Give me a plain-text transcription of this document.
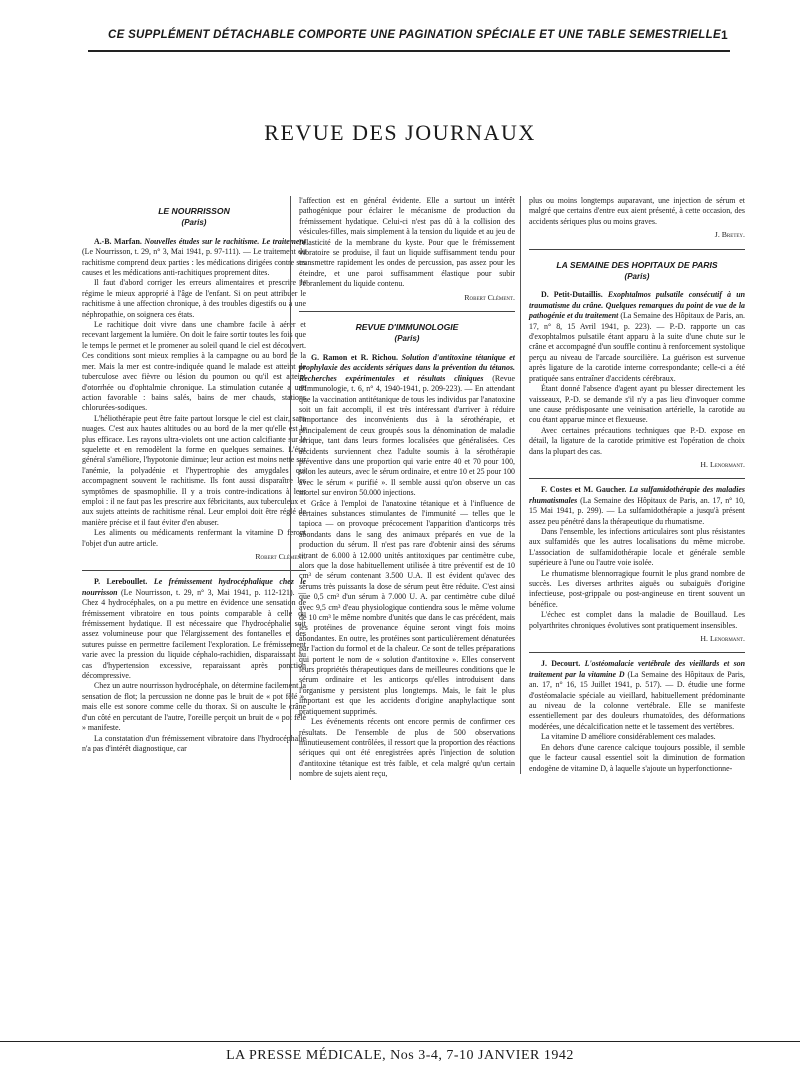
CE SUPPLÉMENT DÉTACHABLE COMPORTE UNE PAGINATION SPÉCIALE ET UNE TABLE SEMESTRIELLE 1
REVUE DES JOURNAUX
LE NOURRISSON
(Paris)

A.-B. Marfan. Nouvelles études sur le rachitisme. Le traitement (Le Nourrisson, t. 29, n° 3, Mai 1941, p. 97-111). — Le traitement du rachitisme comprend deux parties : les médications dirigées contre ses causes et les médications anti-rachitiques proprement dites.

Il faut d'abord corriger les erreurs alimentaires et prescrire le régime le mieux approprié à l'âge de l'enfant. Si on peut attribuer le rachitisme à une affection chronique, à des troubles digestifs ou à une néphropathie, on soignera ces états.

Le rachitique doit vivre dans une chambre facile à aérer et recevant largement la lumière. On doit le faire sortir toutes les fois que le temps le permet et le promener au soleil quand le ciel est découvert. Ces conditions sont mieux remplies à la campagne ou au bord de la mer. Mais la mer est contre-indiquée quand le malade est atteint de tuberculose avec fièvre ou lésion du poumon ou qu'il est atteint d'otorrhée ou d'ophtalmie chronique. La stimulation cutanée a une action favorable : bains salés, bains de mer chauds, stations chlorurées-sodiques.

L'héliothérapie peut être faite partout lorsque le ciel est clair, sans nuages. C'est aux hautes altitudes ou au bord de la mer qu'elle est le plus efficace. Les rayons ultra-violets ont une action calcifiante sur le squelette et en remodèlent la forme en quelques semaines. L'état général s'améliore, l'hypotonie diminue; leur action est moins nette sur l'anémie, la polyadénie et l'hypertrophie des amygdales qui accompagnent souvent le rachitisme. Ils font aussi disparaître les symptômes de spasmophilie. Il y a trois contre-indications à leur emploi : il ne faut pas les prescrire aux fébricitants, aux tuberculeux et aux sujets atteints de rachitisme rénal. Leur emploi doit être réglé de manière précise et il faut éviter d'en abuser.

Les aliments ou médicaments renfermant la vitamine D feront l'objet d'un autre article.

Robert Clément.

P. Lereboullet. Le frémissement hydrocéphalique chez le nourrisson (Le Nourrisson, t. 29, n° 3, Mai 1941, p. 112-121). — Chez 4 hydrocéphales, on a pu mettre en évidence une sensation de frémissement vibratoire en tous points comparable à celle du frémissement hydatique. Il est nécessaire que l'hydrocéphalie soit assez volumineuse pour que l'élargissement des fontanelles et des sutures puisse en permettre facilement l'exploration. Le frémissement varie avec la pression du liquide céphalo-rachidien, disparaissant au cas d'hypertension excessive, reparaissant après ponction décompressive.

Chez un autre nourrisson hydrocéphale, on détermine facilement la sensation de flot; la percussion ne donne pas le bruit de « pot fêlé », mais elle est sonore comme celle du thorax. Si on ausculte le crâne d'un côté en percutant de l'autre, l'oreille perçoit un bruit de « pot fêlé » manifeste.

La constatation d'un frémissement vibratoire dans l'hydrocéphalie n'a pas d'intérêt diagnostique, car

l'affection est en général évidente. Elle a surtout un intérêt pathogénique pour éclairer le mécanisme de production du frémissement hydatique. Celui-ci n'est pas dû à la collision des vésicules-filles, mais simplement à la tension du liquide et au jeu de l'élasticité de la membrane du kyste. Pour que le frémissement vibratoire se produise, il faut un liquide suffisamment tendu pour transmettre rapidement les ondes de percussion, pas assez pour les éteindre, et une paroi suffisamment élastique pour subir l'ébranlement du liquide contenu.

Robert Clément.
REVUE D'IMMUNOLOGIE
(Paris)

G. Ramon et R. Richou. Solution d'antitoxine tétanique et prophylaxie des accidents sériques dans la prévention du tétanos. Recherches expérimentales et résultats cliniques (Revue d'Immunologie, t. 6, n° 4, 1940-1941, p. 209-223). — En attendant que la vaccination antitétanique de tous les individus par l'anatoxine soit un fait accompli, il est très intéressant d'arriver à réduire l'importance des inconvénients dus à la sérothérapie, et principalement de ceux groupés sous la dénomination de maladie sérique, tant dans leurs formes localisées que généralisées. Ces accidents surviennent chez l'adulte soumis à la sérothérapie préventive dans une proportion qui varie entre 40 et 70 pour 100, selon les auteurs, avec le sérum ordinaire, et entre 10 et 25 pour 100 avec le sérum « purifié ». Il semble aussi qu'on observe un cas mortel sur environ 50.000 injections.

Grâce à l'emploi de l'anatoxine tétanique et à l'influence de certaines substances stimulantes de l'immunité — telles que le tapioca — on provoque précocement l'apparition d'anticorps très abondants dans le sang des animaux préparés en vue de la production du sérum. Il n'est pas rare d'obtenir ainsi des sérums titrant de 6.000 à 12.000 unités antitoxiques par centimètre cube, alors que la dose habituellement utilisée à titre préventif est de 10 cm³ de sérum contenant 3.500 U.A. Il est évident qu'avec des sérums très puissants la dose de sérum peut être réduite. C'est ainsi que 0,5 cm³ d'un sérum à 7.000 U. A. par centimètre cube dilué avec 9,5 cm³ d'eau physiologique contiendra sous le même volume de 10 cm³ le même nombre d'unités que dans le cas précédent, mais les protéines de provenance équine seront vingt fois moins abondantes. En outre, les protéines sont particulièrement dénaturées par l'action du formol et de la chaleur. Ce sont de telles préparations qui portent le nom de « solution d'antitoxine ». Elles conservent leurs propriétés thérapeutiques dans de meilleures conditions que le sérum ordinaire et les anticorps qu'elles introduisent dans l'organisme y persistent plus longtemps. Mais, le fait le plus important est que les accidents d'origine anaphylactique sont pratiquement supprimés.

Les événements récents ont encore permis de confirmer ces résultats. De l'ensemble de plus de 500 observations minutieusement contrôlées, il ressort que la proportion des réactions sériques qui ont été enregistrées après l'injection de solution d'antitoxine tétanique est très faible, et cela malgré qu'un certain nombre de sujets aient reçu,

plus ou moins longtemps auparavant, une injection de sérum et malgré que certains d'entre eux aient présenté, à cette occasion, des accidents sériques plus ou moins graves.

J. Bretey.
LA SEMAINE DES HOPITAUX DE PARIS
(Paris)

D. Petit-Dutaillis. Exophtalmos pulsatile consécutif à un traumatisme du crâne. Quelques remarques du point de vue de la pathogénie et du traitement (La Semaine des Hôpitaux de Paris, an. 17, n° 8, 15 Avril 1941, p. 223). — P.-D. rapporte un cas d'exophtalmos pulsatile étant apparu à la suite d'une chute sur le crâne et accompagné d'un souffle continu à renforcement systolique perçu au niveau de l'arcade sourcilière. La guérison est survenue après ligature de la carotide interne correspondante; celle-ci a été pratiquée sans entraîner d'accidents cérébraux.

Étant donné l'absence d'agent ayant pu blesser directement les vaisseaux, P.-D. se demande s'il n'y a pas lieu d'invoquer comme une cause prédisposante une veinisation artérielle, la carotide au cou étant apparue mince et flexueuse.

Avec certaines précautions techniques que P.-D. expose en détail, la ligature de la carotide primitive est l'opération de choix dans la plupart des cas.

H. Lenormant.

F. Costes et M. Gaucher. La sulfamidothérapie des maladies rhumatismales (La Semaine des Hôpitaux de Paris, an. 17, n° 10, 15 Mai 1941, p. 299). — La sulfamidothérapie a jusqu'à présent assez peu pénétré dans la thérapeutique du rhumatisme.

Dans l'ensemble, les infections articulaires sont plus résistantes aux sulfamidés que les autres localisations du même microbe. L'association de sulfamidothérapie locale et générale semble supérieure à l'une ou l'autre voie isolée.

Le rhumatisme blennorragique fournit le plus grand nombre de succès. Les diverses arthrites aiguës ou subaiguës d'origine infectieuse, post-grippale ou post-angineuse en tirent souvent un bénéfice.

L'échec est complet dans la maladie de Bouillaud. Les polyarthrites chroniques évolutives sont pratiquement insensibles.

H. Lenormant.

J. Decourt. L'ostéomalacie vertébrale des vieillards et son traitement par la vitamine D (La Semaine des Hôpitaux de Paris, an. 17, n° 16, 15 Juillet 1941, p. 517). — D. étudie une forme d'ostéomalacie spéciale au vieillard, habituellement prédominante au niveau de la colonne vertébrale. Elle se manifeste essentiellement par des douleurs rhumatoïdes, des déformations modérées, une décalcification nette et le tassement des vertèbres.

La vitamine D améliore considérablement ces malades.

En dehors d'une carence calcique toujours possible, il semble que le facteur causal essentiel soit la diminution de formation endogène de vitamine D, à laquelle s'ajoute un hyperfonctionne-

LA PRESSE MÉDICALE, Nos 3-4, 7-10 JANVIER 1942
